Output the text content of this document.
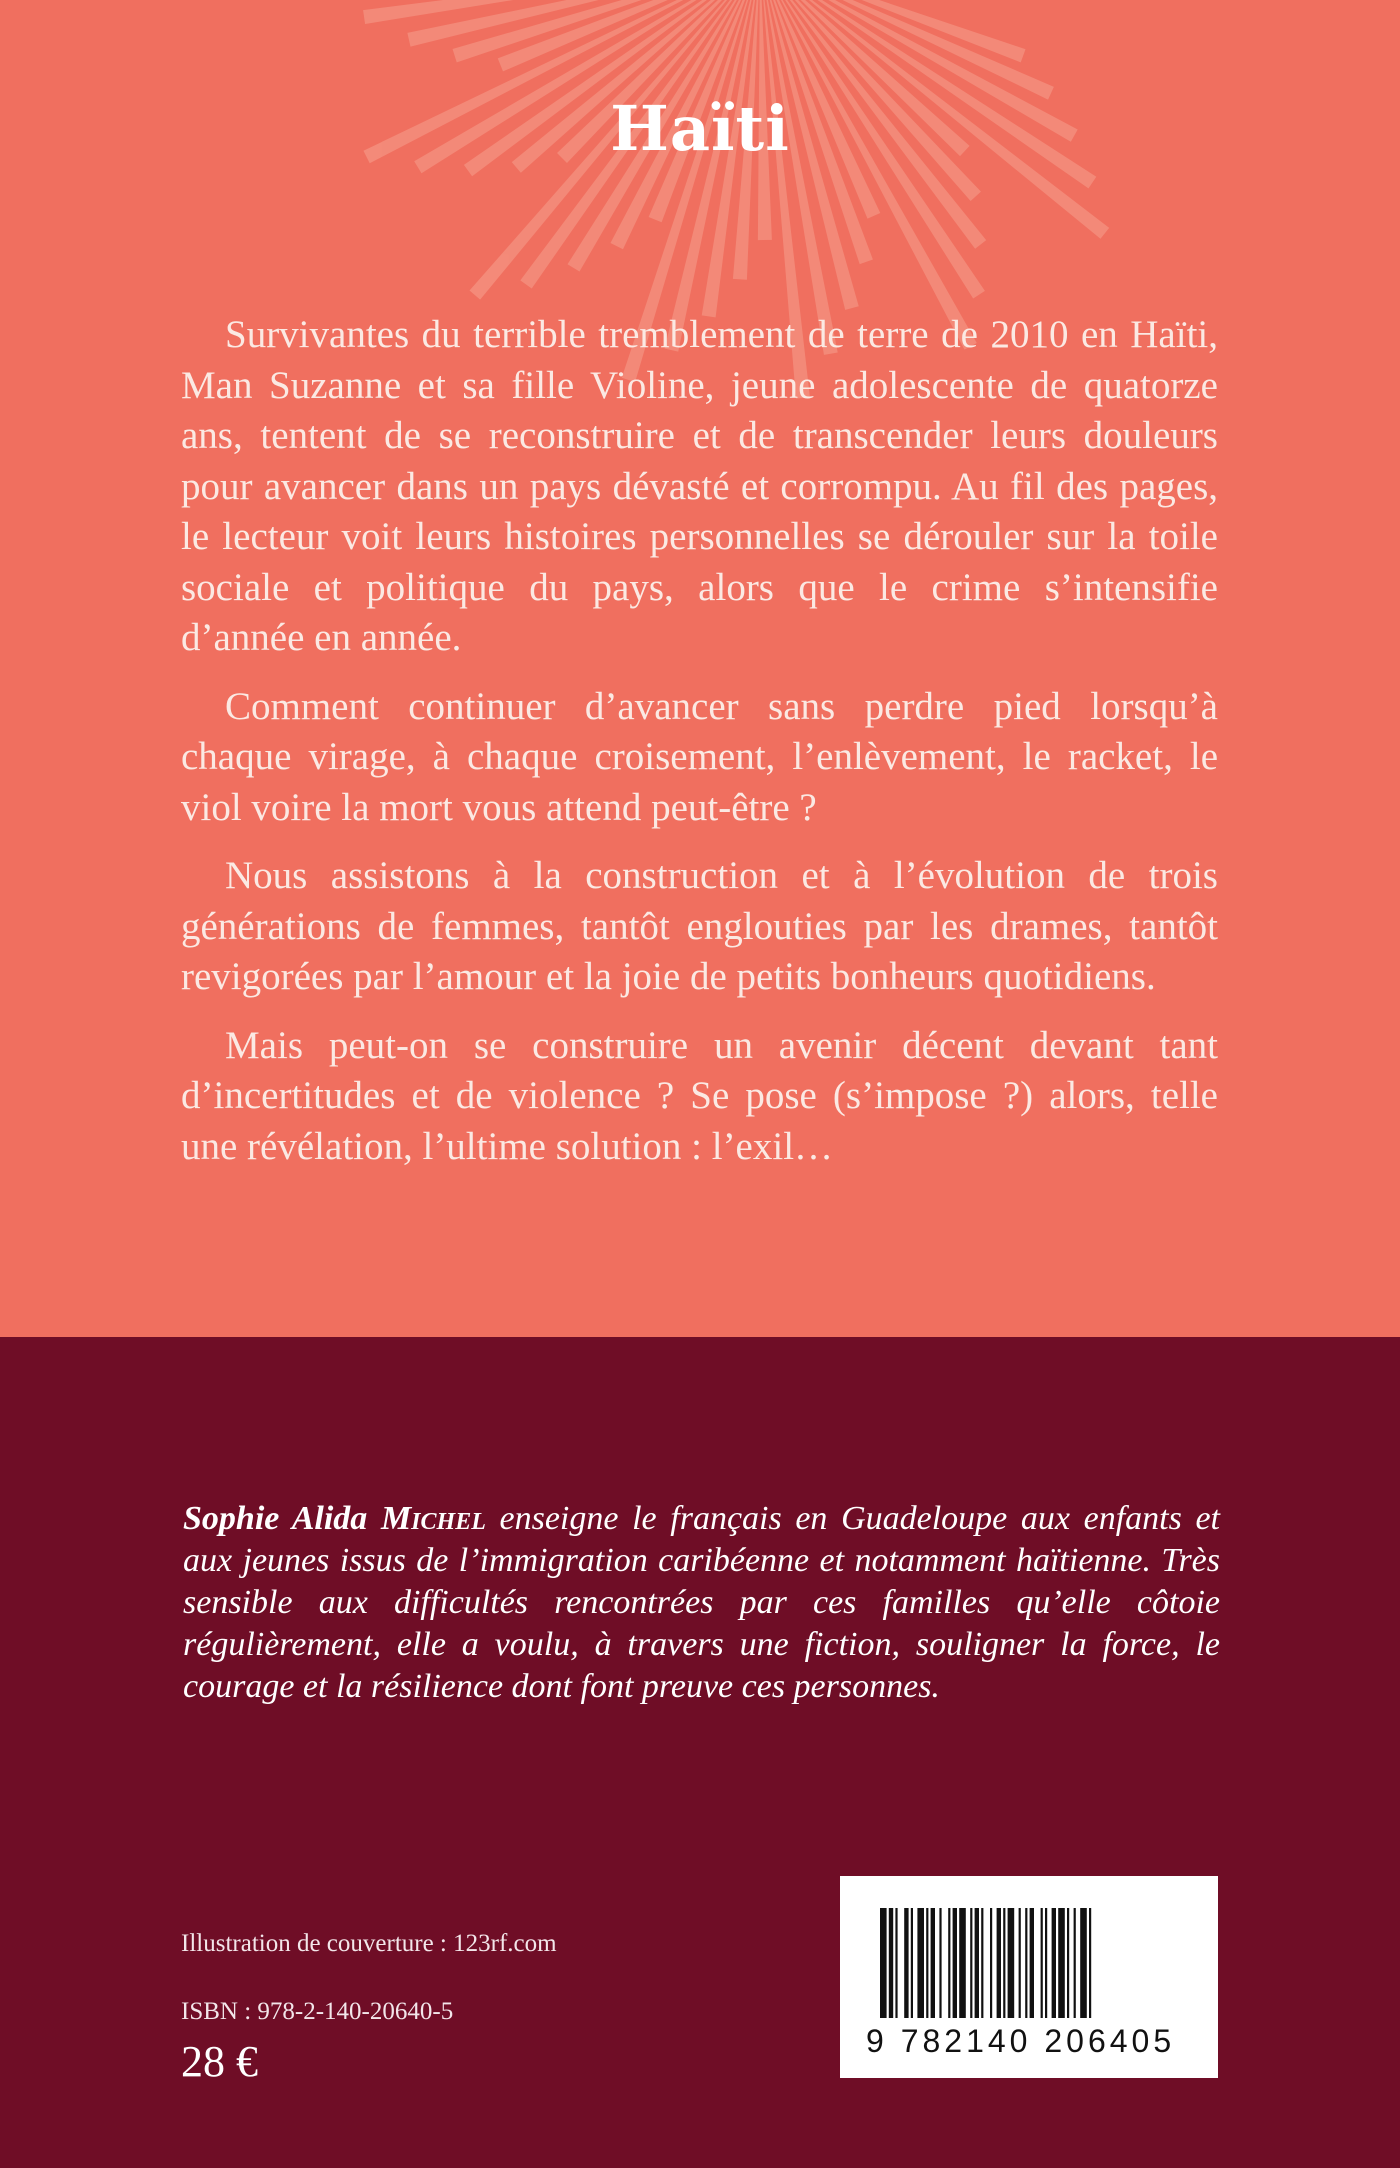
Haïti

Survivantes du terrible tremblement de terre de 2010 en Haïti, Man Suzanne et sa fille Violine, jeune adolescente de quatorze ans, tentent de se reconstruire et de transcender leurs douleurs pour avancer dans un pays dévasté et corrompu. Au fil des pages, le lecteur voit leurs histoires personnelles se dérouler sur la toile sociale et politique du pays, alors que le crime s’intensifie d’année en année.

Comment continuer d’avancer sans perdre pied lorsqu’à chaque virage, à chaque croisement, l’enlèvement, le racket, le viol voire la mort vous attend peut-être ?

Nous assistons à la construction et à l’évolution de trois générations de femmes, tantôt englouties par les drames, tantôt revigorées par l’amour et la joie de petits bonheurs quotidiens.

Mais peut-on se construire un avenir décent devant tant d’incertitudes et de violence ? Se pose (s’impose ?) alors, telle une révélation, l’ultime solution : l’exil…

Sophie Alida Michel enseigne le français en Guadeloupe aux enfants et aux jeunes issus de l’immigration caribéenne et notamment haïtienne. Très sensible aux difficultés rencontrées par ces familles qu’elle côtoie régulièrement, elle a voulu, à travers une fiction, souligner la force, le courage et la résilience dont font preuve ces personnes.
Illustration de couverture : 123rf.com
ISBN : 978-2-140-20640-5
28 €	9 782140 206405
